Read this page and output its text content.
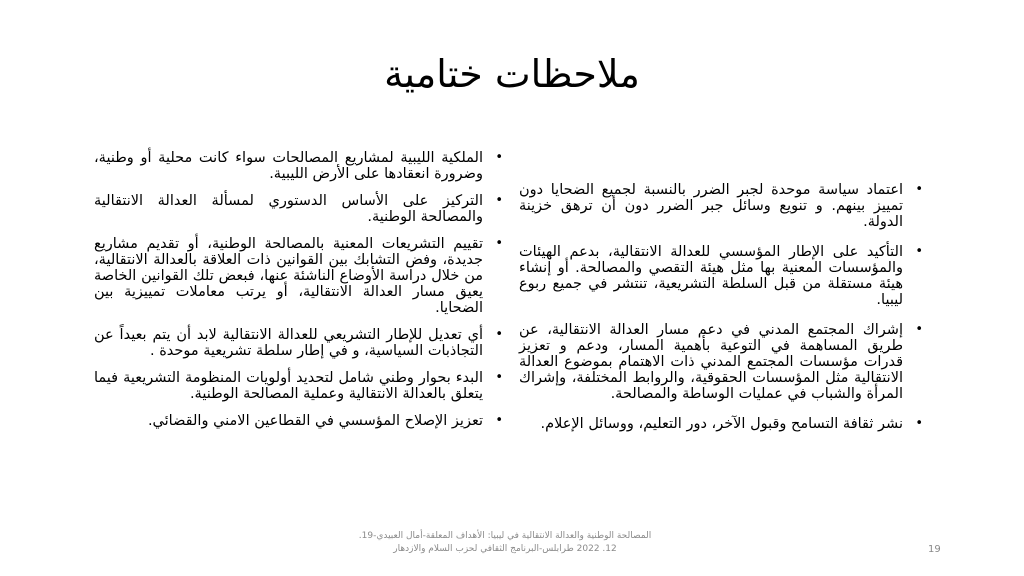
ملاحظات ختامية
•
اعتماد سياسة موحدة لجبر الضرر بالنسبة لجميع الضحايا دون تمييز بينهم. و تنويع وسائل جبر الضرر دون أن ترهق خزينة الدولة.
•
التأكيد على الإطار المؤسسي للعدالة الانتقالية، بدعم الهيئات والمؤسسات المعنية بها مثل هيئة التقصي والمصالحة. أو إنشاء هيئة مستقلة من قبل السلطة التشريعية، تنتشر في جميع ربوع ليبيا.
•
إشراك المجتمع المدني في دعم مسار العدالة الانتقالية، عن طريق المساهمة في التوعية بأهمية المسار، ودعم و تعزيز قدرات مؤسسات المجتمع المدني ذات الاهتمام بموضوع العدالة الانتقالية مثل المؤسسات الحقوقية، والروابط المختلفة، وإشراك المرأة والشباب في عمليات الوساطة والمصالحة.
•
نشر ثقافة التسامح وقبول الآخر، دور التعليم، ووسائل الإعلام.
•
الملكية الليبية لمشاريع المصالحات سواء كانت محلية أو وطنية، وضرورة انعقادها على الأرض الليبية.
•
التركيز على الأساس الدستوري لمسألة العدالة الانتقالية والمصالحة الوطنية.
•
تقييم التشريعات المعنية بالمصالحة الوطنية، أو تقديم مشاريع جديدة، وفض التشابك بين القوانين ذات العلاقة بالعدالة الانتقالية، من خلال دراسة الأوضاع الناشئة عنها، فبعض تلك القوانين الخاصة يعيق مسار العدالة الانتقالية، أو يرتب معاملات تمييزية بين الضحايا.
•
أي تعديل للإطار التشريعي للعدالة الانتقالية لابد أن يتم بعيداً عن التجاذبات السياسية، و في إطار سلطة تشريعية موحدة .
•
البدء بحوار وطني شامل لتحديد أولويات المنظومة التشريعية فيما يتعلق بالعدالة الانتقالية وعملية المصالحة الوطنية.
•
تعزيز الإصلاح المؤسسي في القطاعين الامني والقضائي.
المصالحة الوطنية والعدالة الانتقالية في ليبيا: الأهداف المعلقة-أمال العبيدي-19.
12. 2022 طرابلس-البرنامج الثقافي لحزب السلام والازدهار	19
